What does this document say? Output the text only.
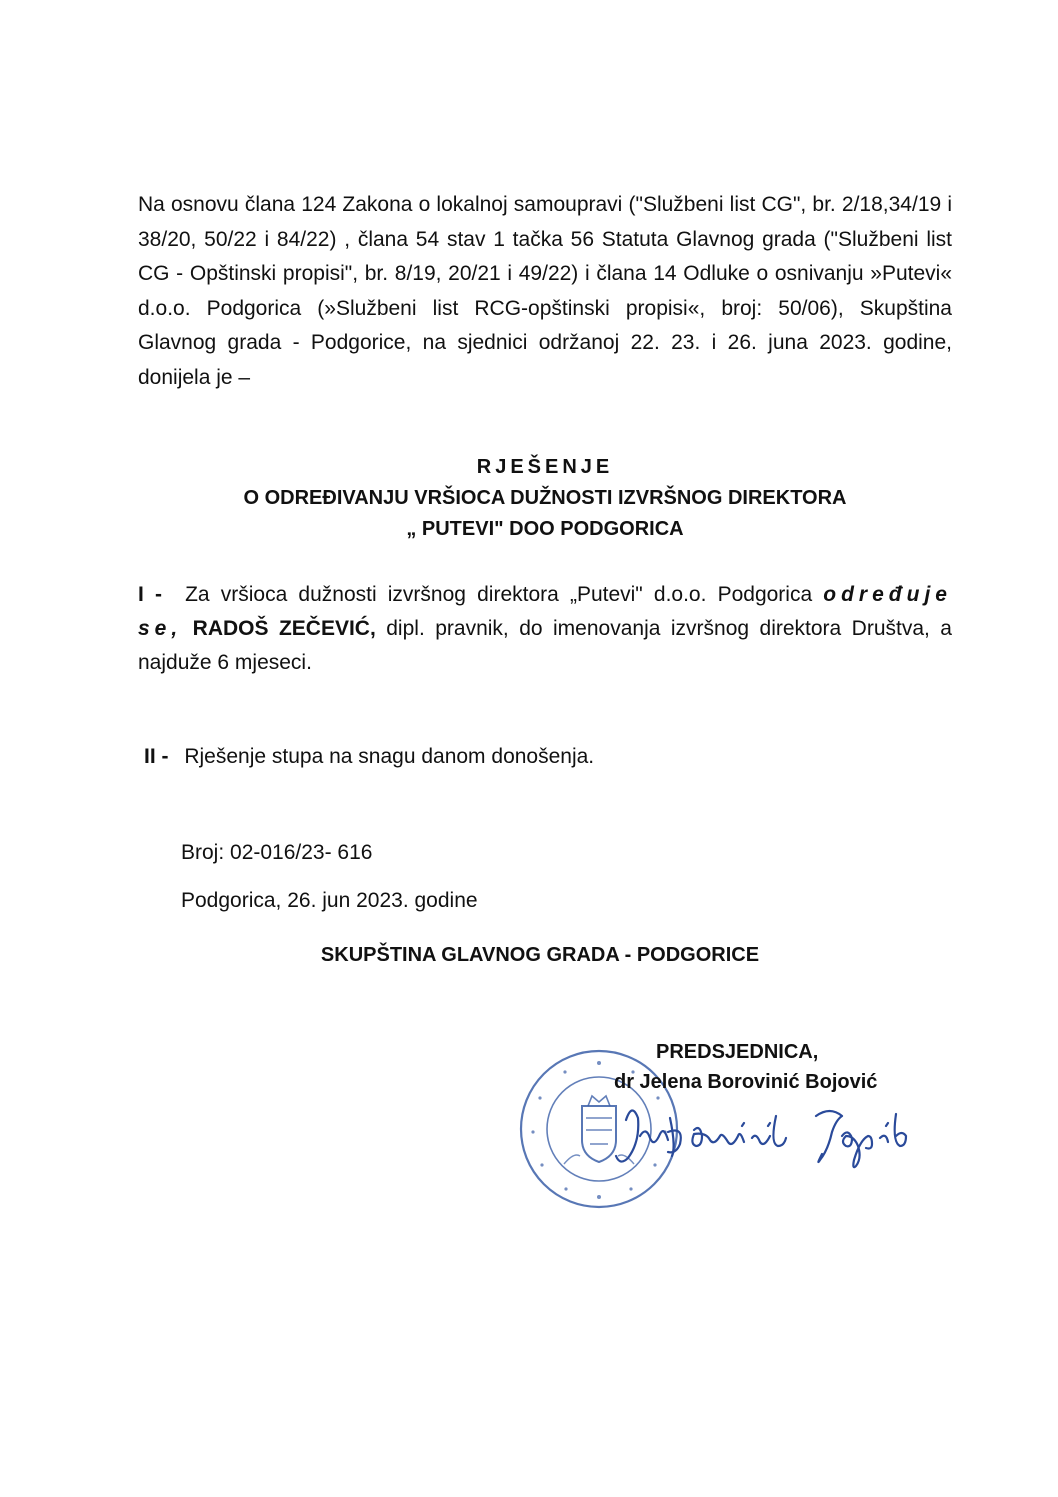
Na osnovu člana 124 Zakona o lokalnoj samoupravi ("Službeni list CG", br. 2/18,34/19 i 38/20, 50/22 i 84/22) , člana 54 stav 1 tačka 56 Statuta Glavnog grada ("Službeni list CG - Opštinski propisi", br. 8/19, 20/21 i 49/22) i člana 14 Odluke o osnivanju »Putevi« d.o.o. Podgorica (»Službeni list RCG-opštinski propisi«, broj: 50/06), Skupština Glavnog grada - Podgorice, na sjednici održanoj 22. 23. i 26. juna 2023. godine, donijela je –
RJEŠENJE
O ODREĐIVANJU VRŠIOCA DUŽNOSTI IZVRŠNOG DIREKTORA
„ PUTEVI" DOO PODGORICA
I - Za vršioca dužnosti izvršnog direktora „Putevi" d.o.o. Podgorica određuje se, RADOŠ ZEČEVIĆ, dipl. pravnik, do imenovanja izvršnog direktora Društva, a najduže 6 mjeseci.
II - Rješenje stupa na snagu danom donošenja.
Broj: 02-016/23- 616
Podgorica, 26. jun 2023. godine
SKUPŠTINA GLAVNOG GRADA - PODGORICE
PREDSJEDNICA,
dr Jelena Borovinić Bojović
